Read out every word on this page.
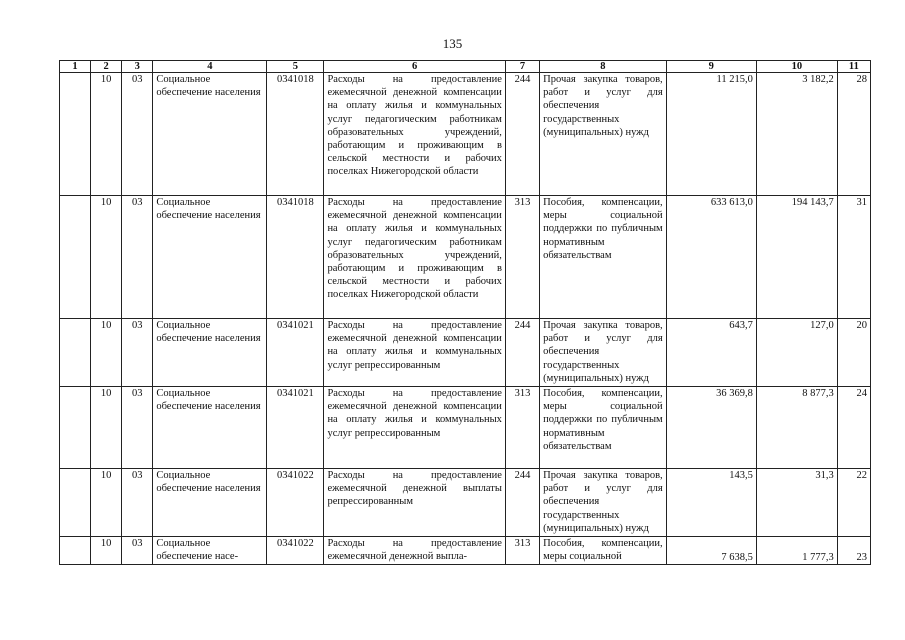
135
1	2	3	4	5	6	7	8	9	10	11
	10	03	Социальное обеспечение населения	0341018	Расходы на предоставление ежемесячной денежной компенсации на оплату жилья и коммунальных услуг педагогическим работникам образовательных учреждений, работающим и проживающим в сельской местности и рабочих поселках Нижегородской области	244	Прочая закупка товаров, работ и услуг для обеспечения государственных (муниципальных) нужд	11 215,0	3 182,2	28
	10	03	Социальное обеспечение населения	0341018	Расходы на предоставление ежемесячной денежной компенсации на оплату жилья и коммунальных услуг педагогическим работникам образовательных учреждений, работающим и проживающим в сельской местности и рабочих поселках Нижегородской области	313	Пособия, компенсации, меры социальной поддержки по публичным нормативным обязательствам	633 613,0	194 143,7	31
	10	03	Социальное обеспечение населения	0341021	Расходы на предоставление ежемесячной денежной компенсации на оплату жилья и коммунальных услуг репрессированным	244	Прочая закупка товаров, работ и услуг для обеспечения государственных (муниципальных) нужд	643,7	127,0	20
	10	03	Социальное обеспечение населения	0341021	Расходы на предоставление ежемесячной денежной компенсации на оплату жилья и коммунальных услуг репрессированным	313	Пособия, компенсации, меры социальной поддержки по публичным нормативным обязательствам	36 369,8	8 877,3	24
	10	03	Социальное обеспечение населения	0341022	Расходы на предоставление ежемесячной денежной выплаты репрессированным	244	Прочая закупка товаров, работ и услуг для обеспечения государственных (муниципальных) нужд	143,5	31,3	22
	10	03	Социальное обеспечение насе-	0341022	Расходы на предоставление ежемесячной денежной выпла-	313	Пособия, компенсации, меры социальной	7 638,5	1 777,3	23
